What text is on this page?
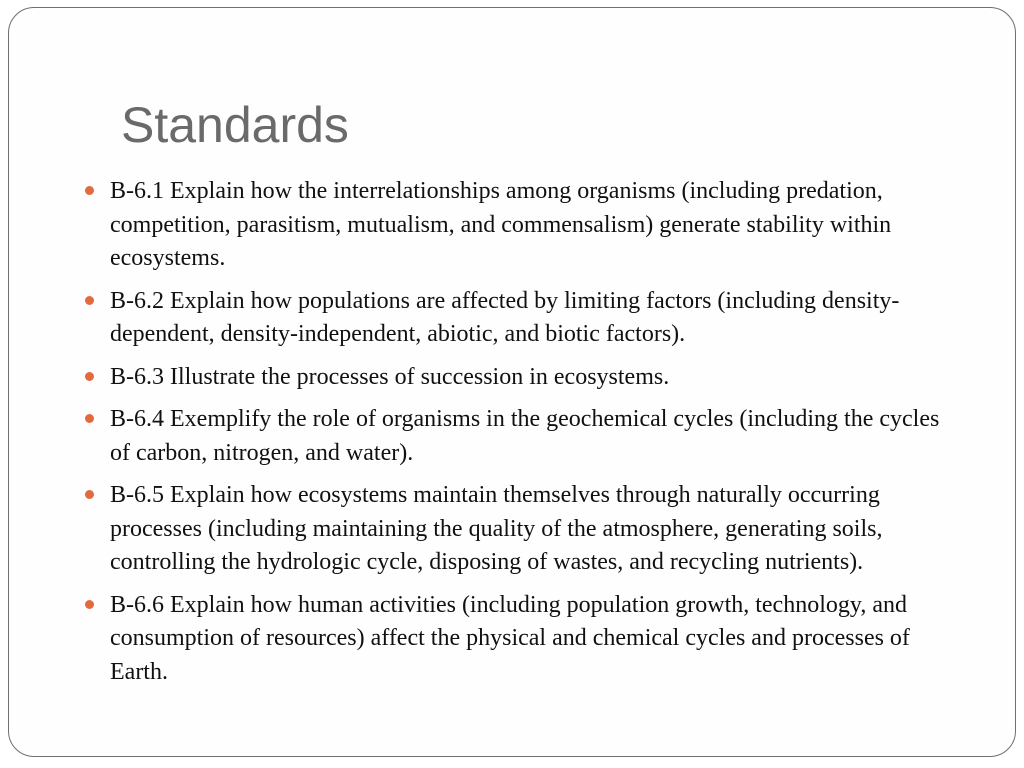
Standards
B-6.1 Explain how the interrelationships among organisms (including predation, competition, parasitism, mutualism, and commensalism) generate stability within ecosystems.
B-6.2 Explain how populations are affected by limiting factors (including density-dependent, density-independent, abiotic, and biotic factors).
B-6.3 Illustrate the processes of succession in ecosystems.
B-6.4 Exemplify the role of organisms in the geochemical cycles (including the cycles of carbon, nitrogen, and water).
B-6.5 Explain how ecosystems maintain themselves through naturally occurring processes (including maintaining the quality of the atmosphere, generating soils, controlling the hydrologic cycle, disposing of wastes, and recycling nutrients).
B-6.6 Explain how human activities (including population growth, technology, and consumption of resources) affect the physical and chemical cycles and processes of Earth.
